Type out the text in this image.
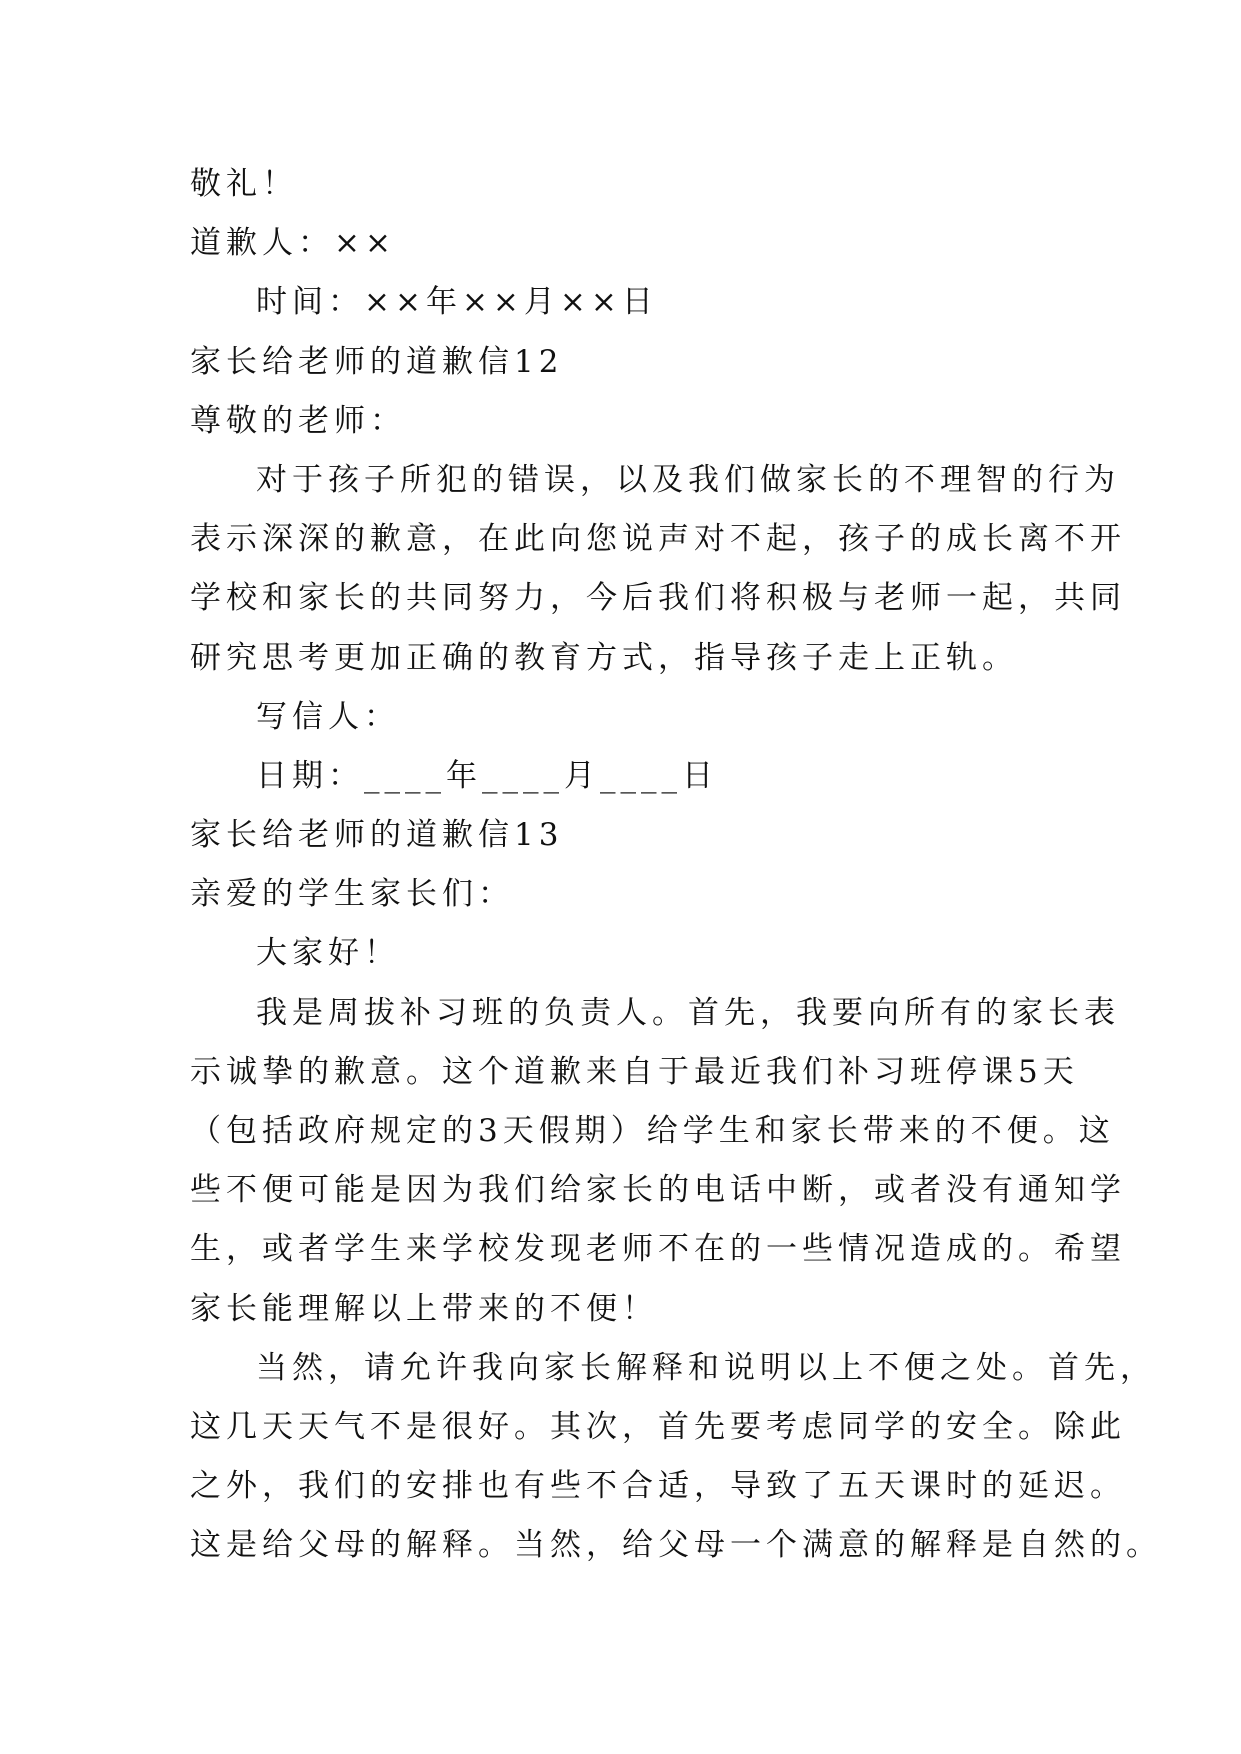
敬礼！
道歉人：××
时间：××年××月××日
家长给老师的道歉信12
尊敬的老师：
对于孩子所犯的错误，以及我们做家长的不理智的行为
表示深深的歉意，在此向您说声对不起，孩子的成长离不开
学校和家长的共同努力，今后我们将积极与老师一起，共同
研究思考更加正确的教育方式，指导孩子走上正轨。
写信人：
日期：____年____月____日
家长给老师的道歉信13
亲爱的学生家长们：
大家好！
我是周拔补习班的负责人。首先，我要向所有的家长表
示诚挚的歉意。这个道歉来自于最近我们补习班停课5天
（包括政府规定的3天假期）给学生和家长带来的不便。这
些不便可能是因为我们给家长的电话中断，或者没有通知学
生，或者学生来学校发现老师不在的一些情况造成的。希望
家长能理解以上带来的不便！
当然，请允许我向家长解释和说明以上不便之处。首先，
这几天天气不是很好。其次，首先要考虑同学的安全。除此
之外，我们的安排也有些不合适，导致了五天课时的延迟。
这是给父母的解释。当然，给父母一个满意的解释是自然的。
